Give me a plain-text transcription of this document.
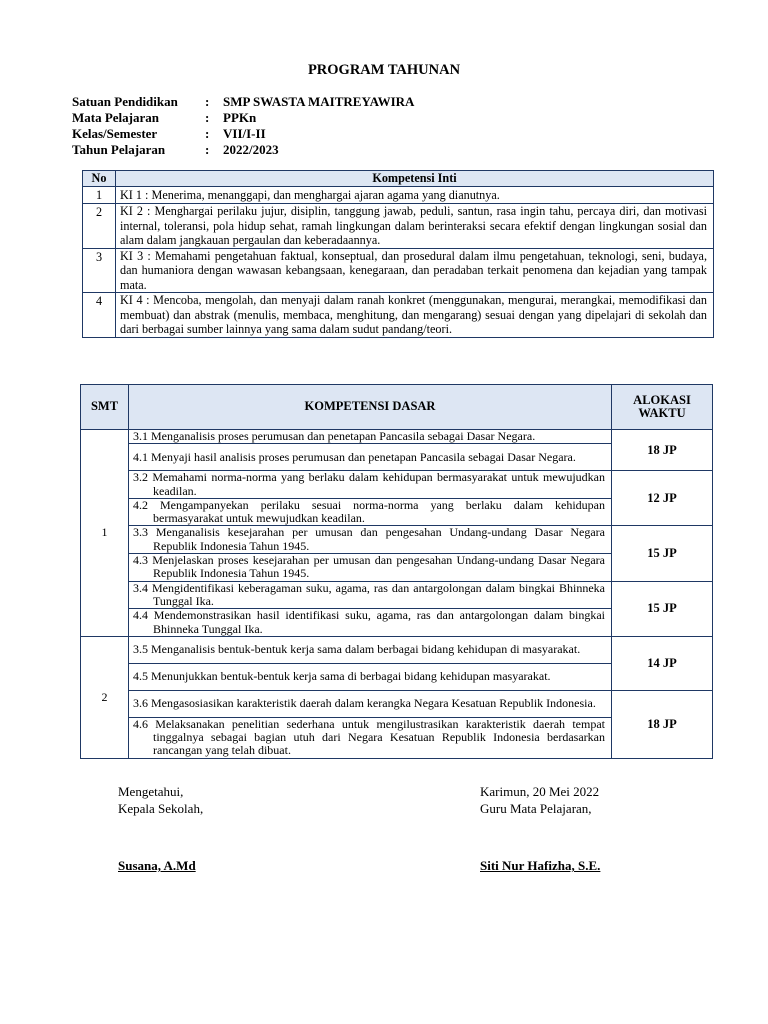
PROGRAM TAHUNAN
Satuan Pendidikan	:	SMP SWASTA MAITREYAWIRA
Mata Pelajaran	:	PPKn
Kelas/Semester	:	VII/I-II
Tahun Pelajaran	:	2022/2023
No	Kompetensi Inti
1	KI 1 : Menerima, menanggapi, dan menghargai ajaran agama yang dianutnya.
2	KI 2 : Menghargai perilaku jujur, disiplin, tanggung jawab, peduli, santun, rasa ingin tahu, percaya diri, dan motivasi internal, toleransi, pola hidup sehat, ramah lingkungan dalam berinteraksi secara efektif dengan lingkungan sosial dan alam dalam jangkauan pergaulan dan keberadaannya.
3	KI 3 : Memahami pengetahuan faktual, konseptual, dan prosedural dalam ilmu pengetahuan, teknologi, seni, budaya, dan humaniora dengan wawasan kebangsaan, kenegaraan, dan peradaban terkait penomena dan kejadian yang tampak mata.
4	KI 4 : Mencoba, mengolah, dan menyaji dalam ranah konkret (menggunakan, mengurai, merangkai, memodifikasi dan membuat) dan abstrak (menulis, membaca, menghitung, dan mengarang) sesuai dengan yang dipelajari di sekolah dan dari berbagai sumber lainnya yang sama dalam sudut pandang/teori.
SMT	KOMPETENSI DASAR	ALOKASI WAKTU
1	3.1 Menganalisis proses perumusan dan penetapan Pancasila sebagai Dasar Negara.	18 JP

	4.1 Menyaji hasil analisis proses perumusan dan penetapan Pancasila sebagai Dasar Negara.	

	3.2 Memahami norma-norma yang berlaku dalam kehidupan bermasyarakat untuk mewujudkan keadilan.	12 JP

	4.2 Mengampanyekan perilaku sesuai norma-norma yang berlaku dalam kehidupan bermasyarakat untuk mewujudkan keadilan.	

	3.3 Menganalisis kesejarahan per umusan dan pengesahan Undang-undang Dasar Negara Republik Indonesia Tahun 1945.	15 JP

	4.3 Menjelaskan proses kesejarahan per umusan dan pengesahan Undang-undang Dasar Negara Republik Indonesia Tahun 1945.	

	3.4 Mengidentifikasi keberagaman suku, agama, ras dan antargolongan dalam bingkai Bhinneka Tunggal Ika.	15 JP

	4.4 Mendemonstrasikan hasil identifikasi suku, agama, ras dan antargolongan dalam bingkai Bhinneka Tunggal Ika.	

2	3.5 Menganalisis bentuk-bentuk kerja sama dalam berbagai bidang kehidupan di masyarakat.	14 JP

	4.5 Menunjukkan bentuk-bentuk kerja sama di berbagai bidang kehidupan masyarakat.	

	3.6 Mengasosiasikan karakteristik daerah dalam kerangka Negara Kesatuan Republik Indonesia.	18 JP

	4.6 Melaksanakan penelitian sederhana untuk mengilustrasikan karakteristik daerah tempat tinggalnya sebagai bagian utuh dari Negara Kesatuan Republik Indonesia berdasarkan rancangan yang telah dibuat.	
Mengetahui,
Kepala Sekolah,
Karimun, 20 Mei 2022
Guru Mata Pelajaran,
Susana, A.Md	Siti Nur Hafizha, S.E.
